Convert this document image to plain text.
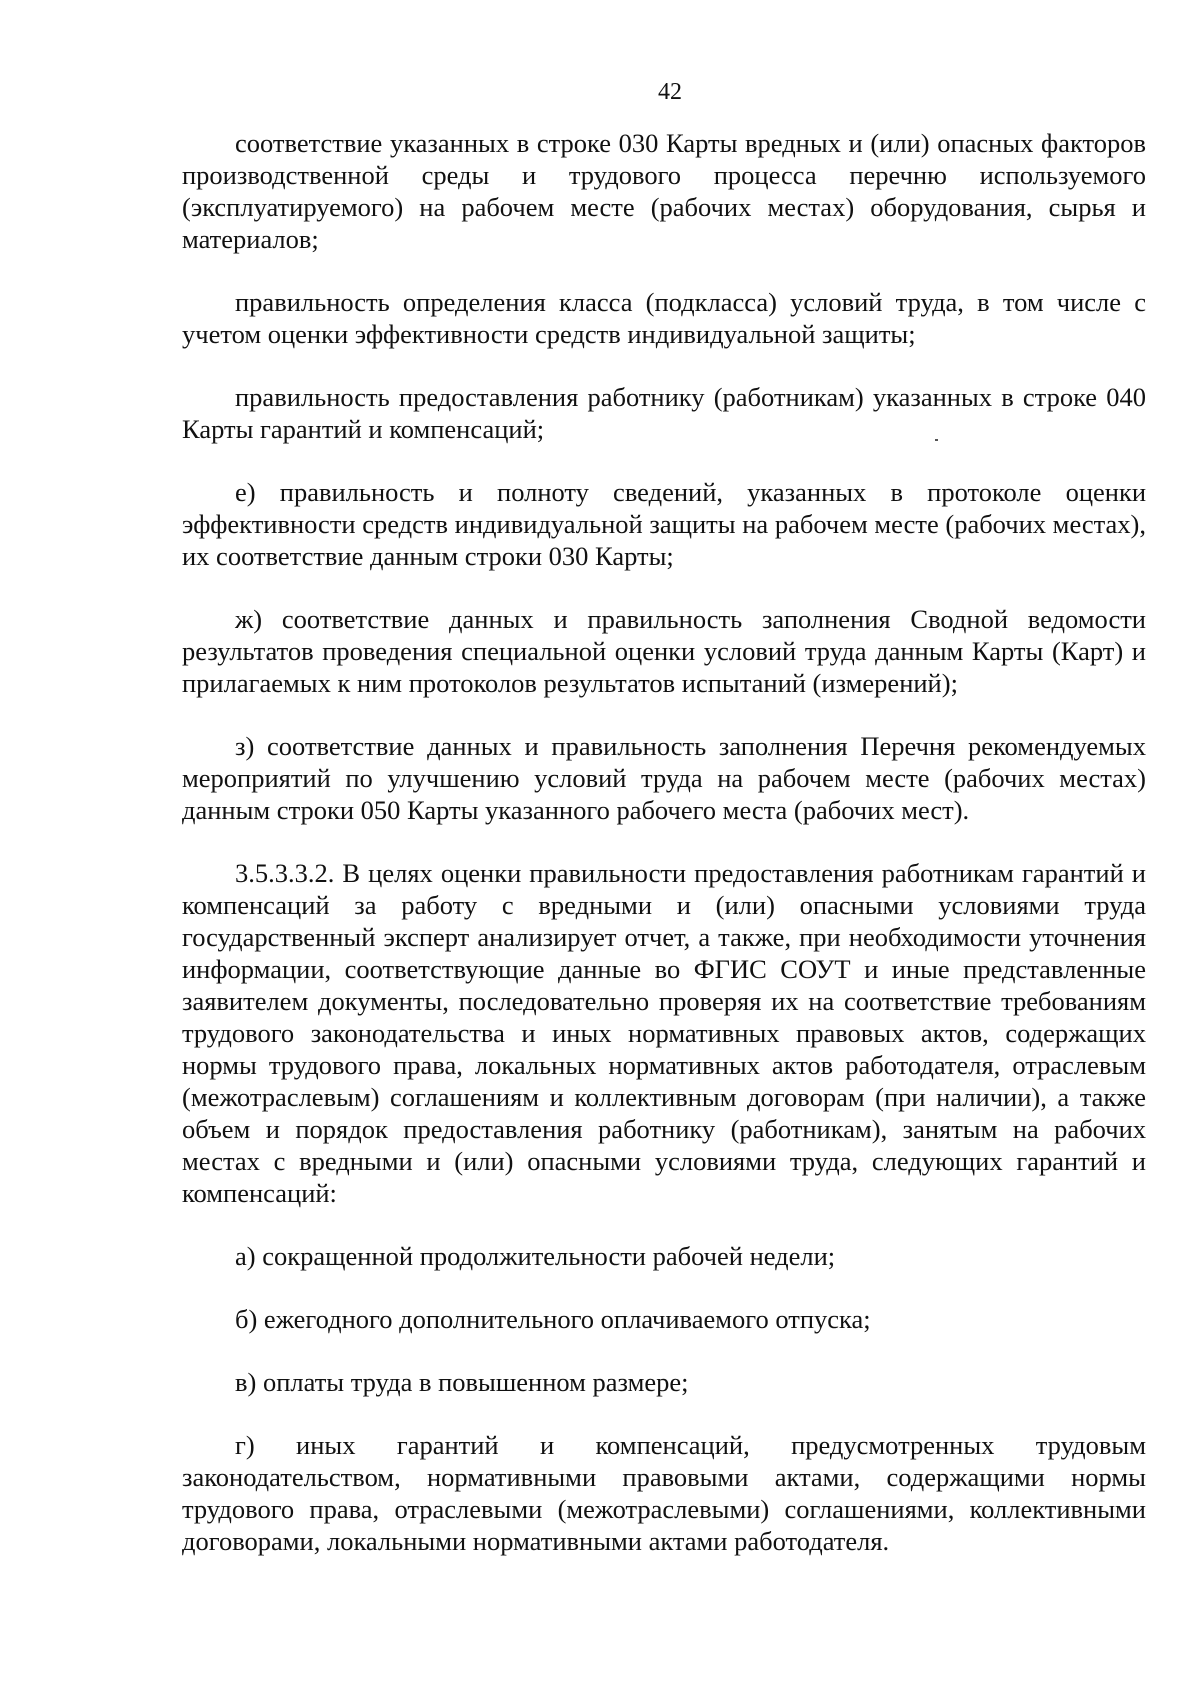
42

соответствие указанных в строке 030 Карты вредных и (или) опасных факторов производственной среды и трудового процесса перечню используемого (эксплуатируемого) на рабочем месте (рабочих местах) оборудования, сырья и материалов;

правильность определения класса (подкласса) условий труда, в том числе с учетом оценки эффективности средств индивидуальной защиты;

правильность предоставления работнику (работникам) указанных в строке 040 Карты гарантий и компенсаций;

е) правильность и полноту сведений, указанных в протоколе оценки эффективности средств индивидуальной защиты на рабочем месте (рабочих местах), их соответствие данным строки 030 Карты;

ж) соответствие данных и правильность заполнения Сводной ведомости результатов проведения специальной оценки условий труда данным Карты (Карт) и прилагаемых к ним протоколов результатов испытаний (измерений);

з) соответствие данных и правильность заполнения Перечня рекомендуемых мероприятий по улучшению условий труда на рабочем месте (рабочих местах) данным строки 050 Карты указанного рабочего места (рабочих мест).

3.5.3.3.2. В целях оценки правильности предоставления работникам гарантий и компенсаций за работу с вредными и (или) опасными условиями труда государственный эксперт анализирует отчет, а также, при необходимости уточнения информации, соответствующие данные во ФГИС СОУТ и иные представленные заявителем документы, последовательно проверяя их на соответствие требованиям трудового законодательства и иных нормативных правовых актов, содержащих нормы трудового права, локальных нормативных актов работодателя, отраслевым (межотраслевым) соглашениям и коллективным договорам (при наличии), а также объем и порядок предоставления работнику (работникам), занятым на рабочих местах с вредными и (или) опасными условиями труда, следующих гарантий и компенсаций:

а) сокращенной продолжительности рабочей недели;

б) ежегодного дополнительного оплачиваемого отпуска;

в) оплаты труда в повышенном размере;

г) иных гарантий и компенсаций, предусмотренных трудовым законодательством, нормативными правовыми актами, содержащими нормы трудового права, отраслевыми (межотраслевыми) соглашениями, коллективными договорами, локальными нормативными актами работодателя.
